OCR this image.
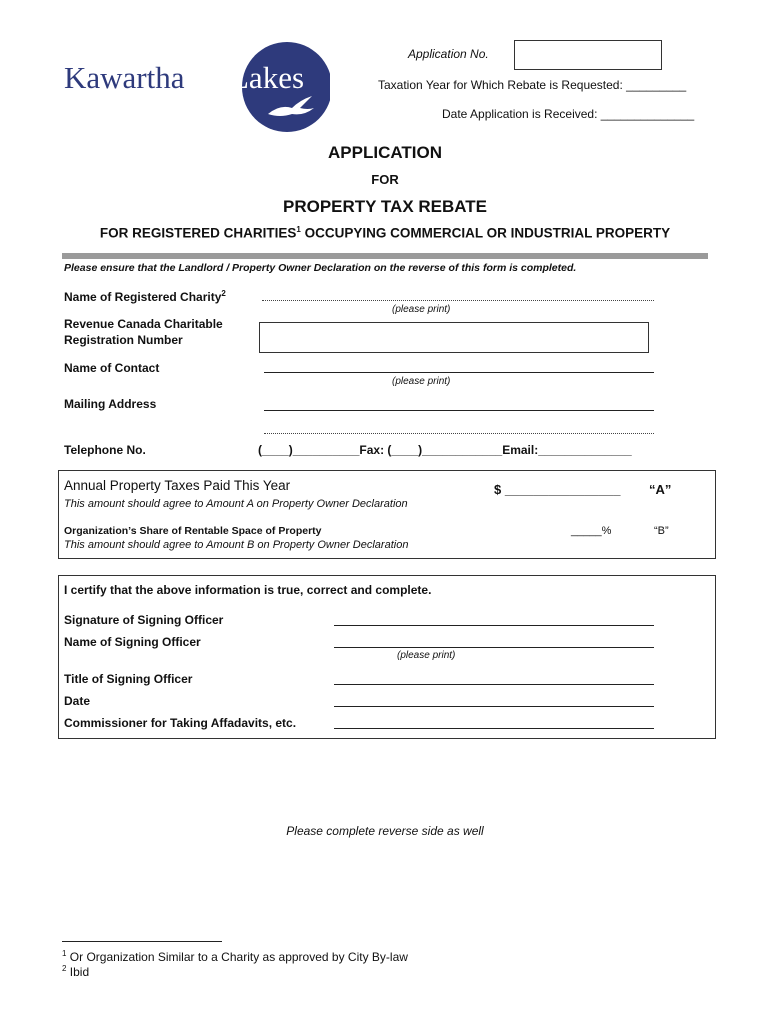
Kawartha Lakes
Application No.
Taxation Year for Which Rebate is Requested: _________
Date Application is Received: ______________
APPLICATION
FOR
PROPERTY TAX REBATE
FOR REGISTERED CHARITIES$^1$ OCCUPYING COMMERCIAL OR INDUSTRIAL PROPERTY
Please ensure that the Landlord / Property Owner Declaration on the reverse of this form is completed.
Name of Registered Charity$^2$
(please print)
Revenue Canada Charitable
Registration Number
Name of Contact
(please print)
Mailing Address
Telephone No.	(____)__________Fax: (____)____________Email:______________
Annual Property Taxes Paid This Year	$ ________________ “A”
This amount should agree to Amount A on Property Owner Declaration
Organization’s Share of Rentable Space of Property
This amount should agree to Amount B on Property Owner Declaration
_____%	“B”
I certify that the above information is true, correct and complete.
Signature of Signing Officer
Name of Signing Officer
(please print)
Title of Signing Officer
Date
Commissioner for Taking Affadavits, etc.
Please complete reverse side as well
$^1$ Or Organization Similar to a Charity as approved by City By-law
$^2$ Ibid
